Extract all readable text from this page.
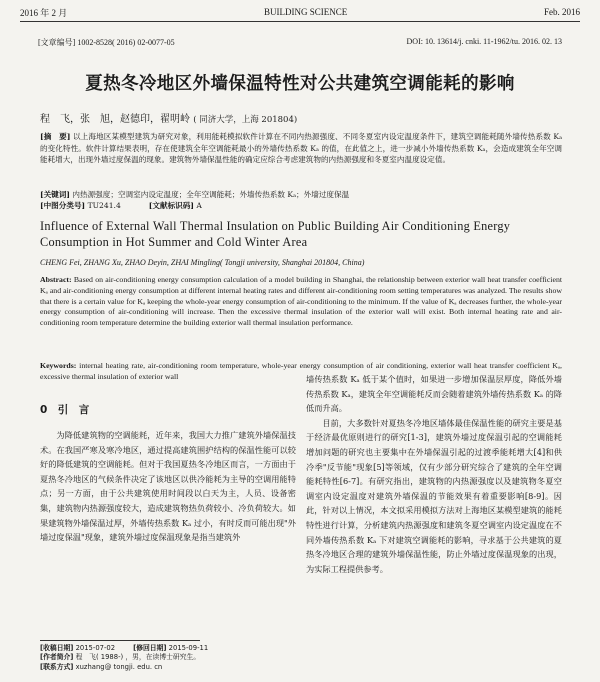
2016 年 2 月	BUILDING SCIENCE	Feb. 2016
[文章编号] 1002-8528( 2016) 02-0077-05	DOI: 10. 13614/j. cnki. 11-1962/tu. 2016. 02. 13
夏热冬冷地区外墙保温特性对公共建筑空调能耗的影响
程　飞，张　旭，赵德印，翟明岭 ( 同济大学，上海 201804)
[摘　要] 以上海地区某模型建筑为研究对象，利用能耗模拟软件计算在不同内热源强度、不同冬夏室内设定温度条件下，建筑空调能耗随外墙传热系数 Kₐ 的变化特性。软件计算结果表明，存在使建筑全年空调能耗最小的外墙传热系数 Kₐ 的值，在此值之上，进一步减小外墙传热系数 Kₐ，会造成建筑全年空调能耗增大，出现外墙过度保温的现象。建筑物外墙保温性能的确定应综合考虑建筑物的内热源强度和冬夏室内温度设定值。
[关键词] 内热源强度；空调室内设定温度；全年空调能耗；外墙传热系数 Kₐ；外墙过度保温
[中图分类号] TU241.4	[文献标识码] A
Influence of External Wall Thermal Insulation on Public Building Air Conditioning Energy Consumption in Hot Summer and Cold Winter Area
CHENG Fei, ZHANG Xu, ZHAO Deyin, ZHAI Mingling( Tongji university, Shanghai 201804, China)
Abstract: Based on air-conditioning energy consumption calculation of a model building in Shanghai, the relationship between exterior wall heat transfer coefficient Kₐ and air-conditioning energy consumption at different internal heating rates and different air-conditioning room setting temperatures was analyzed. The results show that there is a certain value for Kₐ keeping the whole-year energy consumption of air-conditioning to the minimum. If the value of Kₐ decreases further, the whole-year energy consumption of air-conditioning will increase. Then the excessive thermal insulation of the exterior wall will exist. Both internal heating rate and air-conditioning room temperature determine the building exterior wall thermal insulation performance.
Keywords: internal heating rate, air-conditioning room temperature, whole-year energy consumption of air conditioning, exterior wall heat transfer coefficient Kₐ, excessive thermal insulation of exterior wall
0　引　言
为降低建筑物的空调能耗，近年来，我国大力推广建筑外墙保温技术。在我国严寒及寒冷地区，通过提高建筑围护结构的保温性能可以较好的降低建筑的空调能耗。但对于我国夏热冬冷地区而言，一方面由于夏热冬冷地区的气候条件决定了该地区以供冷能耗为主导的空调用能特点；另一方面，由于公共建筑使用时间段以白天为主，人员、设备密集，建筑物内热源强度较大，造成建筑物热负荷较小、冷负荷较大。如果建筑物外墙保温过厚，外墙传热系数 Kₐ 过小，有时反而可能出现"外墙过度保温"现象，建筑外墙过度保温现象是指当建筑外

墙传热系数 Kₐ 低于某个值时，如果进一步增加保温层厚度，降低外墙传热系数 Kₐ，建筑全年空调能耗反而会随着建筑外墙传热系数 Kₐ 的降低而升高。

目前，大多数针对夏热冬冷地区墙体最佳保温性能的研究主要是基于经济最优原则进行的研究[1-3]，建筑外墙过度保温引起的空调能耗增加问题的研究也主要集中在外墙保温引起的过渡季能耗增大[4]和供冷季"反节能"现象[5]等领域，仅有少部分研究综合了建筑的全年空调能耗特性[6-7]。有研究指出，建筑物的内热源强度以及建筑物冬夏空调室内设定温度对建筑外墙保温的节能效果有着重要影响[8-9]。因此，针对以上情况，本文拟采用模拟方法对上海地区某模型建筑的能耗特性进行计算，分析建筑内热源强度和建筑冬夏空调室内设定温度在不同外墙传热系数 Kₐ 下对建筑空调能耗的影响，寻求基于公共建筑的夏热冬冷地区合理的建筑外墙保温性能，防止外墙过度保温现象的出现，为实际工程提供参考。

[收稿日期] 2015-07-02	[修回日期] 2015-09-11
[作者简介] 程　飞( 1988-) ，男，在读博士研究生。
[联系方式] xuzhang@ tongji. edu. cn
